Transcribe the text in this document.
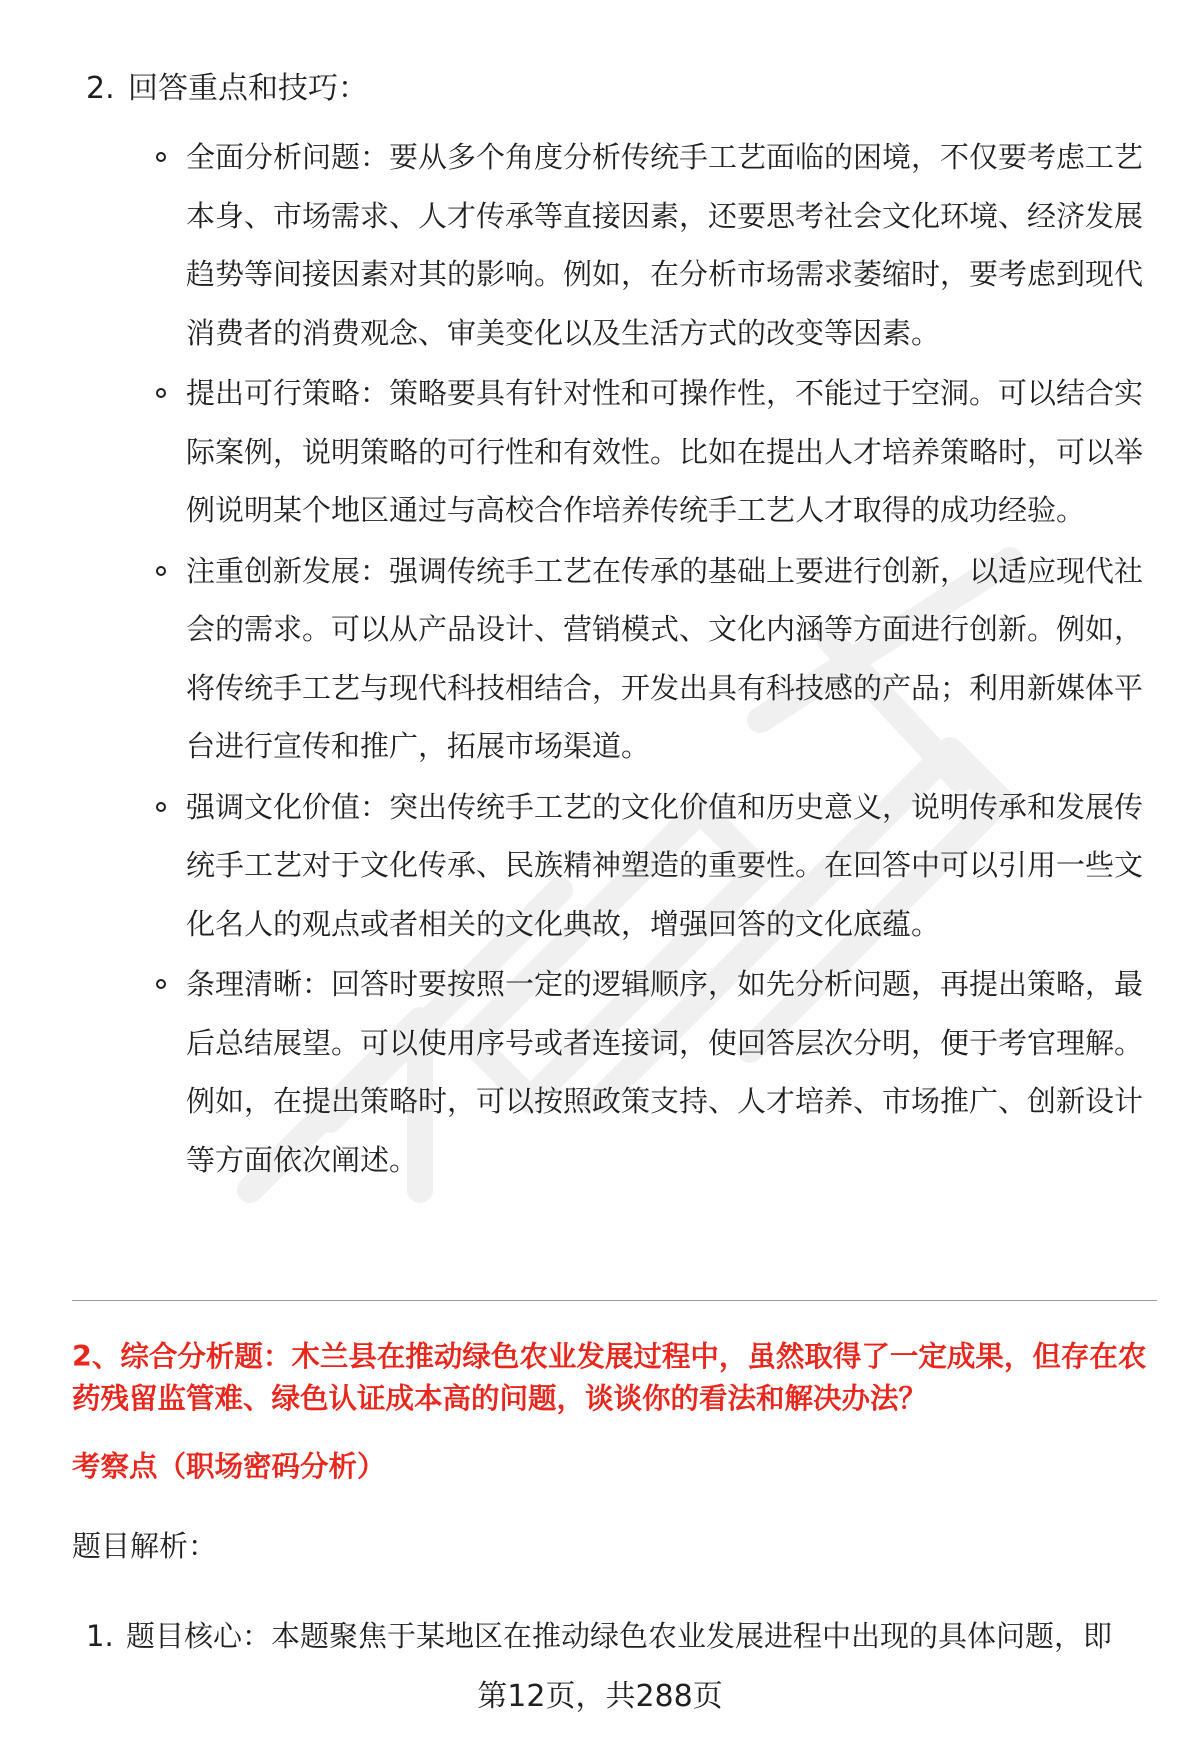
2. 回答重点和技巧：
全面分析问题：要从多个角度分析传统手工艺面临的困境，不仅要考虑工艺本身、市场需求、人才传承等直接因素，还要思考社会文化环境、经济发展趋势等间接因素对其的影响。例如，在分析市场需求萎缩时，要考虑到现代消费者的消费观念、审美变化以及生活方式的改变等因素。
提出可行策略：策略要具有针对性和可操作性，不能过于空洞。可以结合实际案例，说明策略的可行性和有效性。比如在提出人才培养策略时，可以举例说明某个地区通过与高校合作培养传统手工艺人才取得的成功经验。
注重创新发展：强调传统手工艺在传承的基础上要进行创新，以适应现代社会的需求。可以从产品设计、营销模式、文化内涵等方面进行创新。例如，将传统手工艺与现代科技相结合，开发出具有科技感的产品；利用新媒体平台进行宣传和推广，拓展市场渠道。
强调文化价值：突出传统手工艺的文化价值和历史意义，说明传承和发展传统手工艺对于文化传承、民族精神塑造的重要性。在回答中可以引用一些文化名人的观点或者相关的文化典故，增强回答的文化底蕴。
条理清晰：回答时要按照一定的逻辑顺序，如先分析问题，再提出策略，最后总结展望。可以使用序号或者连接词，使回答层次分明，便于考官理解。例如，在提出策略时，可以按照政策支持、人才培养、市场推广、创新设计等方面依次阐述。
2、综合分析题：木兰县在推动绿色农业发展过程中，虽然取得了一定成果，但存在农药残留监管难、绿色认证成本高的问题，谈谈你的看法和解决办法？
考察点（职场密码分析）
题目解析：
1. 题目核心：本题聚焦于某地区在推动绿色农业发展进程中出现的具体问题，即
第12页，共288页
